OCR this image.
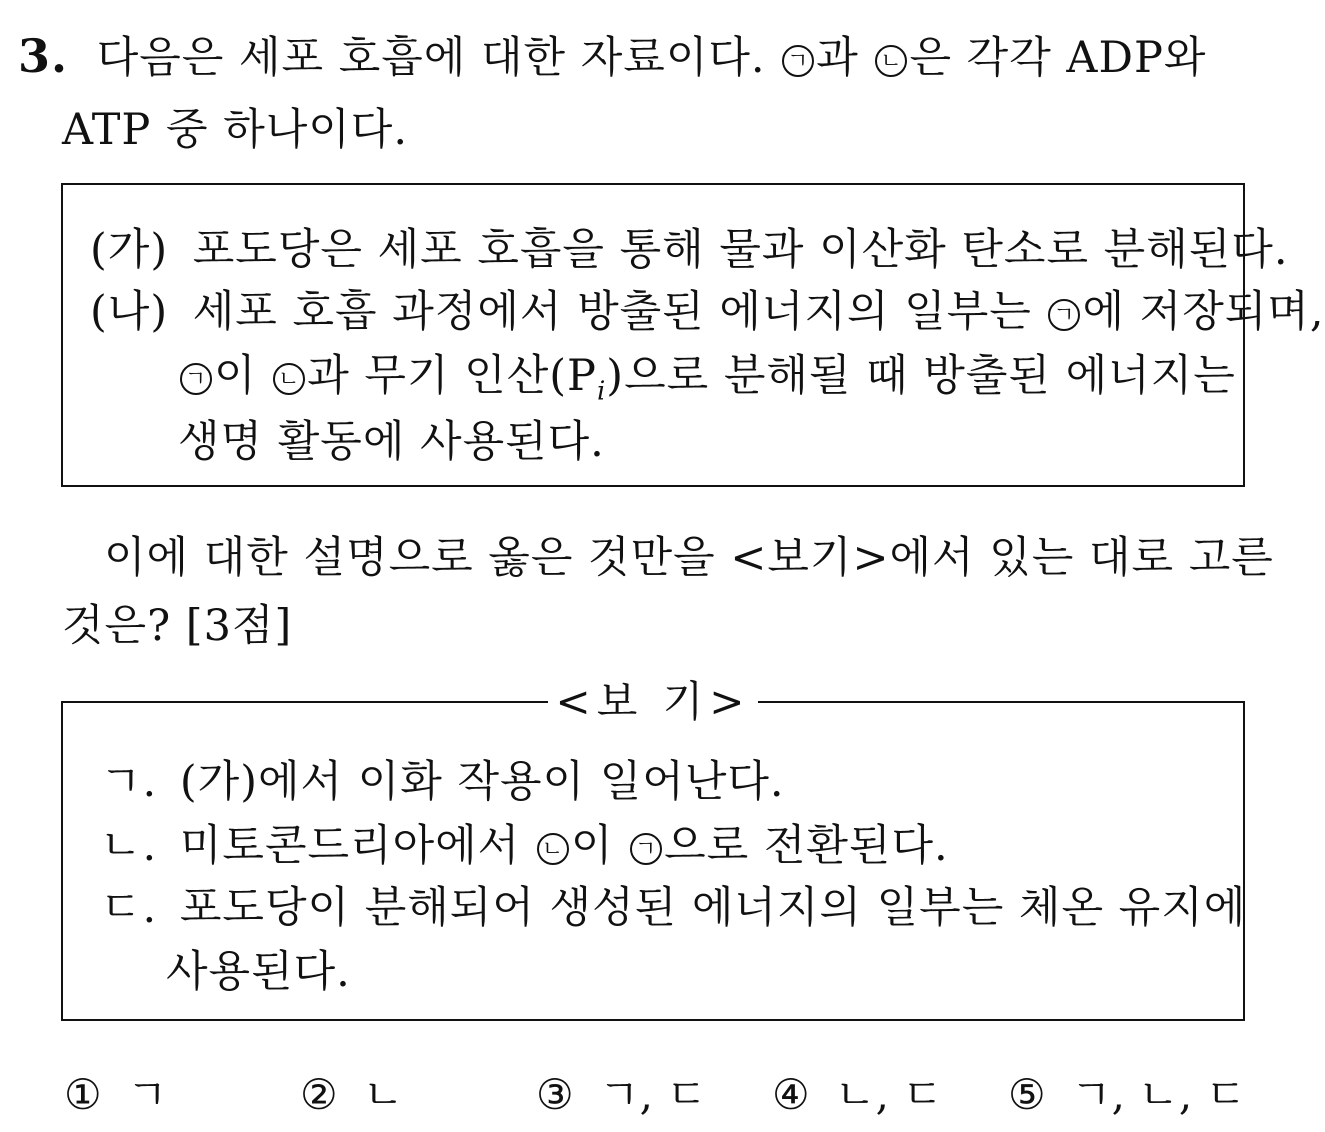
3. 다음은 세포 호흡에 대한 자료이다. ㄱ 과 ㄴ 은 각각 ADP와
ATP 중 하나이다.
(가) 포도당은 세포 호흡을 통해 물과 이산화 탄소로 분해된다.
(나) 세포 호흡 과정에서 방출된 에너지의 일부는 ㄱ 에 저장되며,
ㄱ 이 ㄴ 과 무기 인산$(P_i)$으로 분해될 때 방출된 에너지는
생명 활동에 사용된다.
이에 대한 설명으로 옳은 것만을 <보기>에서 있는 대로 고른
것은? [3점]
<보 기>
ㄱ. (가)에서 이화 작용이 일어난다.
ㄴ. 미토콘드리아에서 ㄴ 이 ㄱ 으로 전환된다.
ㄷ. 포도당이 분해되어 생성된 에너지의 일부는 체온 유지에
사용된다.
① ㄱ	② ㄴ	③ ㄱ, ㄷ ④ ㄴ, ㄷ ⑤ ㄱ, ㄴ, ㄷ
